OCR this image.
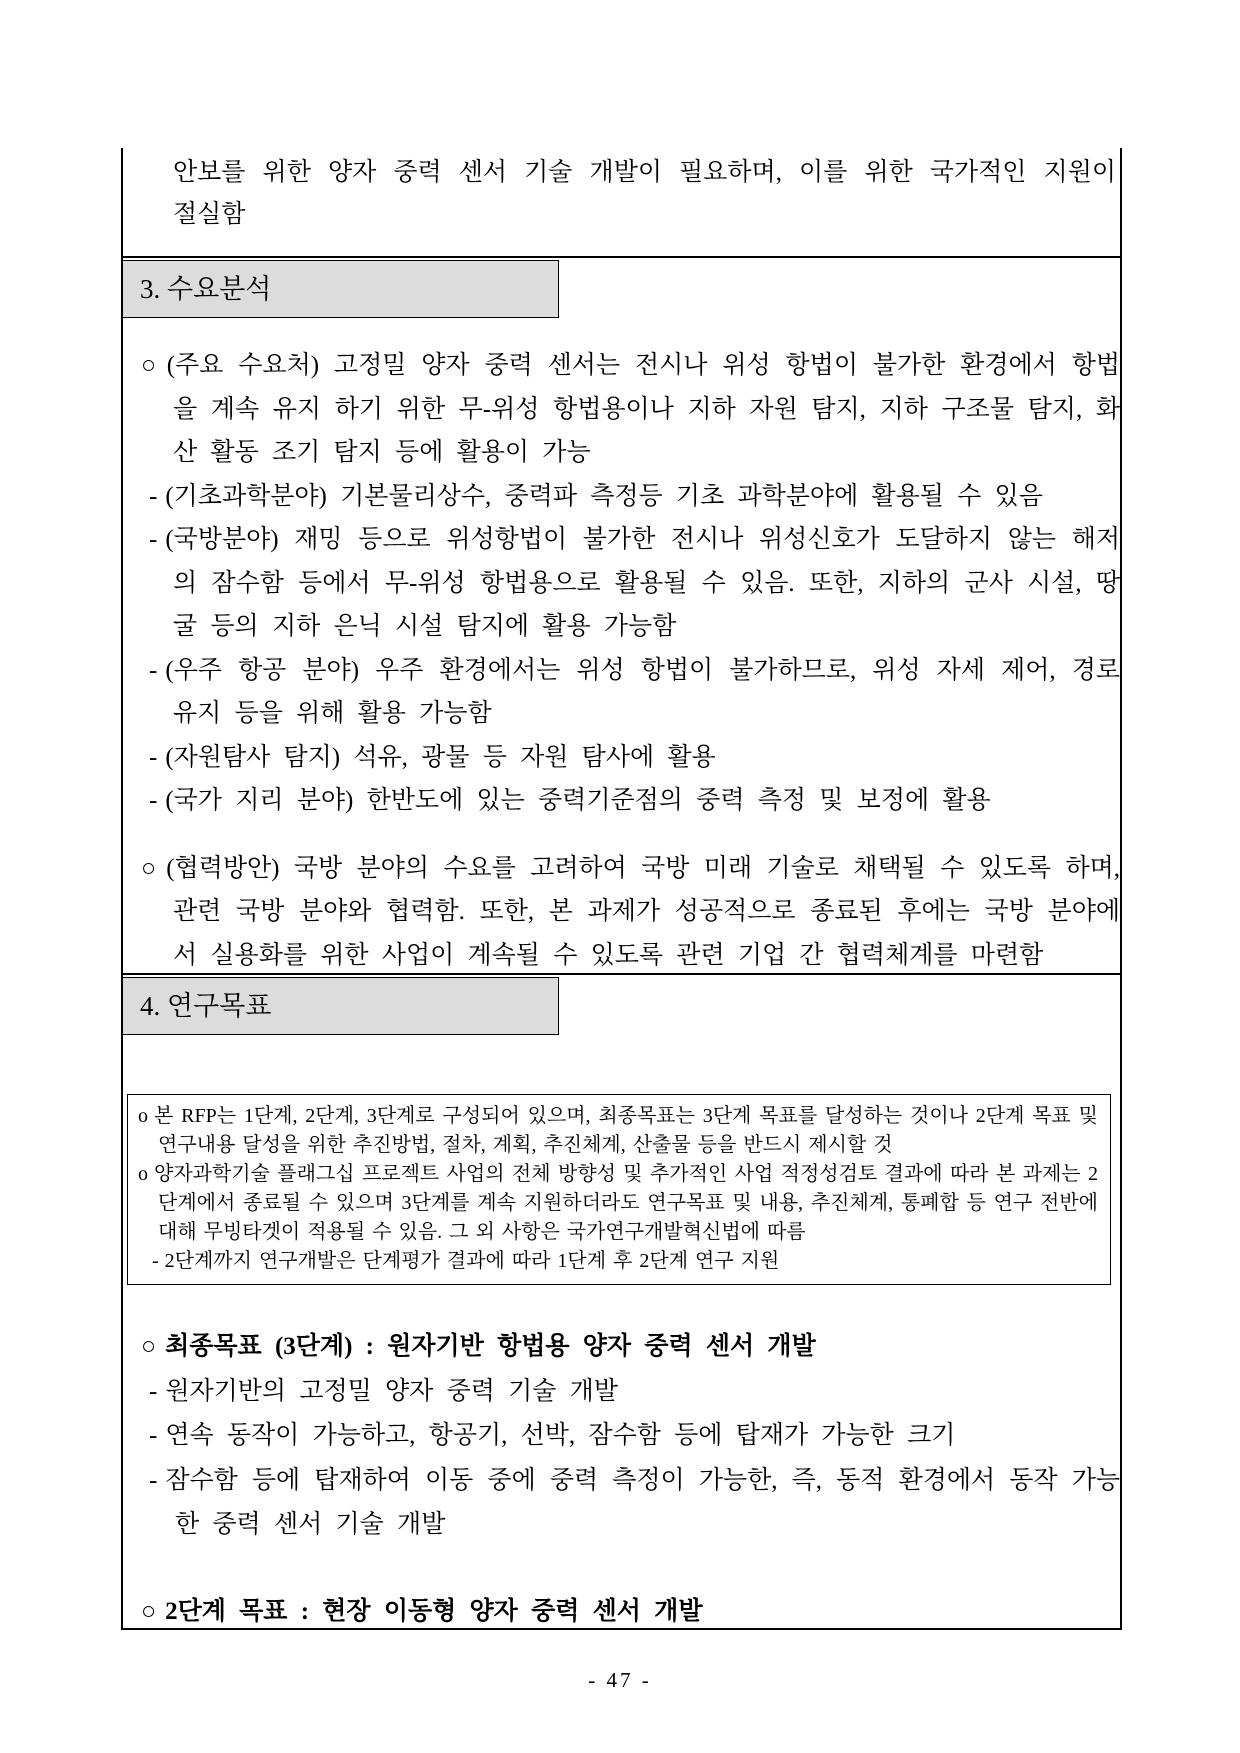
안보를 위한 양자 중력 센서 기술 개발이 필요하며, 이를 위한 국가적인 지원이
절실함
3. 수요분석

○ (주요 수요처) 고정밀 양자 중력 센서는 전시나 위성 항법이 불가한 환경에서 항법을 계속 유지 하기 위한 무-위성 항법용이나 지하 자원 탐지, 지하 구조물 탐지, 화산 활동 조기 탐지 등에 활용이 가능

- (기초과학분야) 기본물리상수, 중력파 측정등 기초 과학분야에 활용될 수 있음

- (국방분야) 재밍 등으로 위성항법이 불가한 전시나 위성신호가 도달하지 않는 해저의 잠수함 등에서 무-위성 항법용으로 활용될 수 있음. 또한, 지하의 군사 시설, 땅굴 등의 지하 은닉 시설 탐지에 활용 가능함

- (우주 항공 분야) 우주 환경에서는 위성 항법이 불가하므로, 위성 자세 제어, 경로 유지 등을 위해 활용 가능함

- (자원탐사 탐지) 석유, 광물 등 자원 탐사에 활용

- (국가 지리 분야) 한반도에 있는 중력기준점의 중력 측정 및 보정에 활용

○ (협력방안) 국방 분야의 수요를 고려하여 국방 미래 기술로 채택될 수 있도록 하며, 관련 국방 분야와 협력함. 또한, 본 과제가 성공적으로 종료된 후에는 국방 분야에서 실용화를 위한 사업이 계속될 수 있도록 관련 기업 간 협력체계를 마련함

4. 연구목표

o 본 RFP는 1단계, 2단계, 3단계로 구성되어 있으며, 최종목표는 3단계 목표를 달성하는 것이나 2단계 목표 및 연구내용 달성을 위한 추진방법, 절차, 계획, 추진체계, 산출물 등을 반드시 제시할 것

o 양자과학기술 플래그십 프로젝트 사업의 전체 방향성 및 추가적인 사업 적정성검토 결과에 따라 본 과제는 2단계에서 종료될 수 있으며 3단계를 계속 지원하더라도 연구목표 및 내용, 추진체계, 통폐합 등 연구 전반에 대해 무빙타겟이 적용될 수 있음. 그 외 사항은 국가연구개발혁신법에 따름

- 2단계까지 연구개발은 단계평가 결과에 따라 1단계 후 2단계 연구 지원

○ 최종목표 (3단계) : 원자기반 항법용 양자 중력 센서 개발

- 원자기반의 고정밀 양자 중력 기술 개발

- 연속 동작이 가능하고, 항공기, 선박, 잠수함 등에 탑재가 가능한 크기

- 잠수함 등에 탑재하여 이동 중에 중력 측정이 가능한, 즉, 동적 환경에서 동작 가능한 중력 센서 기술 개발

○ 2단계 목표 : 현장 이동형 양자 중력 센서 개발

- 47 -
